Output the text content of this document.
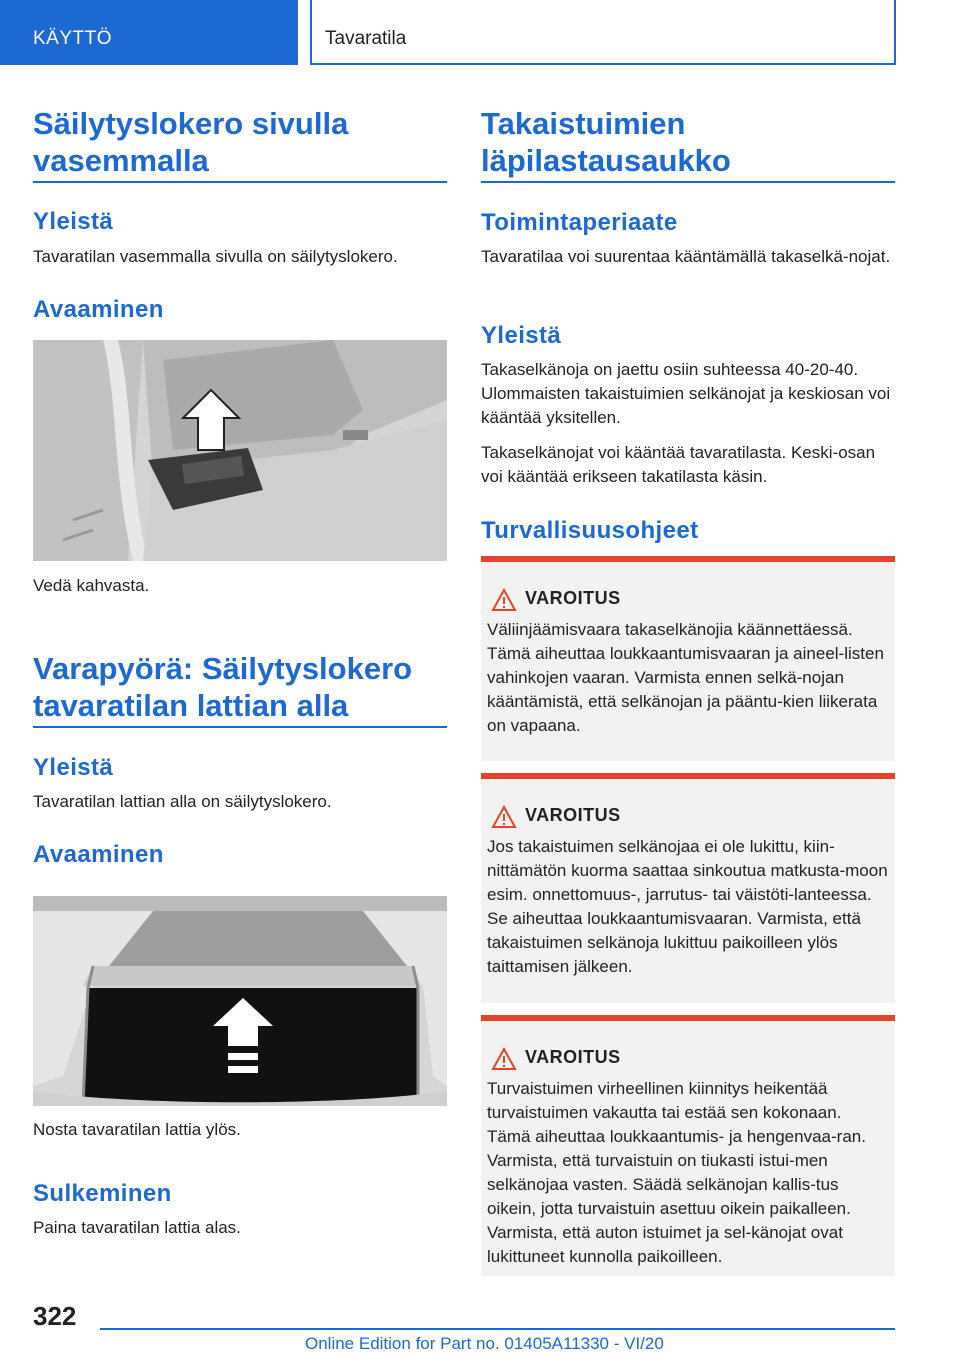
KÄYTTÖ	Tavaratila
Säilytyslokero sivulla vasemmalla
Yleistä

Tavaratilan vasemmalla sivulla on säilytyslokero.

Avaaminen

Vedä kahvasta.

Varapyörä: Säilytyslokero tavaratilan lattian alla
Yleistä

Tavaratilan lattian alla on säilytyslokero.

Avaaminen

Nosta tavaratilan lattia ylös.

Sulkeminen

Paina tavaratilan lattia alas.

Takaistuimien läpilastausaukko
Toimintaperiaate

Tavaratilaa voi suurentaa kääntämällä takaselkä-nojat.

Yleistä

Takaselkänoja on jaettu osiin suhteessa 40-20-40. Ulommaisten takaistuimien selkänojat ja keskiosan voi kääntää yksitellen.

Takaselkänojat voi kääntää tavaratilasta. Keski-osan voi kääntää erikseen takatilasta käsin.

Turvallisuusohjeet
VAROITUS

Väliinjäämisvaara takaselkänojia käännettäessä. Tämä aiheuttaa loukkaantumisvaaran ja aineel-listen vahinkojen vaaran. Varmista ennen selkä-nojan kääntämistä, että selkänojan ja pääntu-kien liikerata on vapaana.

VAROITUS

Jos takaistuimen selkänojaa ei ole lukittu, kiin-nittämätön kuorma saattaa sinkoutua matkusta-moon esim. onnettomuus-, jarrutus- tai väistöti-lanteessa. Se aiheuttaa loukkaantumisvaaran. Varmista, että takaistuimen selkänoja lukittuu paikoilleen ylös taittamisen jälkeen.

VAROITUS

Turvaistuimen virheellinen kiinnitys heikentää turvaistuimen vakautta tai estää sen kokonaan. Tämä aiheuttaa loukkaantumis- ja hengenvaa-ran. Varmista, että turvaistuin on tiukasti istui-men selkänojaa vasten. Säädä selkänojan kallis-tus oikein, jotta turvaistuin asettuu oikein paikalleen. Varmista, että auton istuimet ja sel-känojat ovat lukittuneet kunnolla paikoilleen.

322
Online Edition for Part no. 01405A11330 - VI/20
